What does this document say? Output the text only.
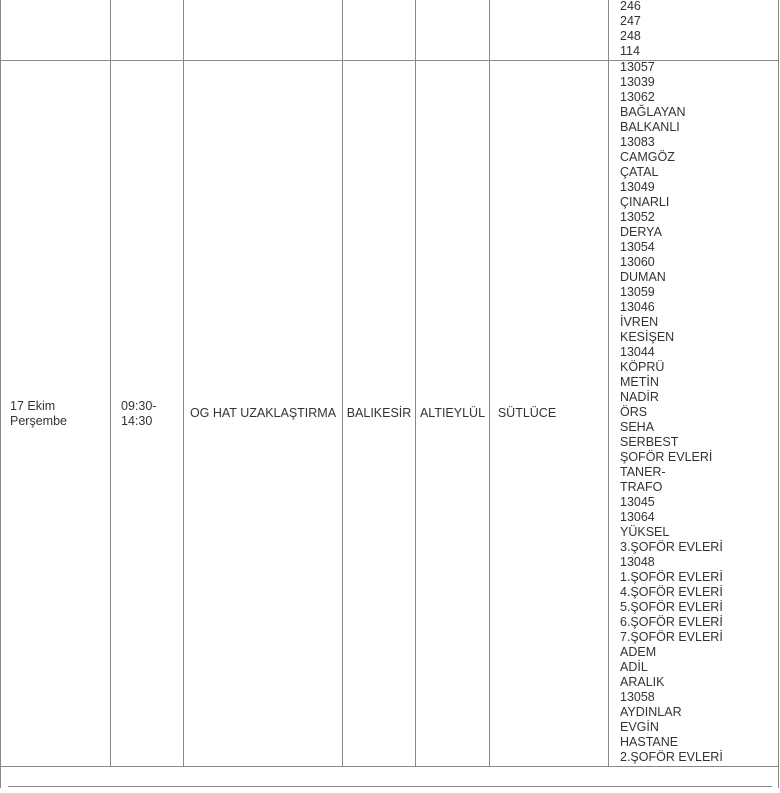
246
247
248
114
17 Ekim Perşembe
09:30-14:30
OG HAT UZAKLAŞTIRMA BALIKESİR ALTIEYLÜL SÜTLÜCE
13057
13039
13062
BAĞLAYAN
BALKANLI
13083
CAMGÖZ
ÇATAL
13049
ÇINARLI
13052
DERYA
13054
13060
DUMAN
13059
13046
İVREN
KESİŞEN
13044
KÖPRÜ
METİN
NADİR
ÖRS
SEHA
SERBEST
ŞOFÖR EVLERİ
TANER-
TRAFO
13045
13064
YÜKSEL
3.ŞOFÖR EVLERİ
13048
1.ŞOFÖR EVLERİ
4.ŞOFÖR EVLERİ
5.ŞOFÖR EVLERİ
6.ŞOFÖR EVLERİ
7.ŞOFÖR EVLERİ
ADEM
ADİL
ARALIK
13058
AYDINLAR
EVGİN
HASTANE
2.ŞOFÖR EVLERİ
